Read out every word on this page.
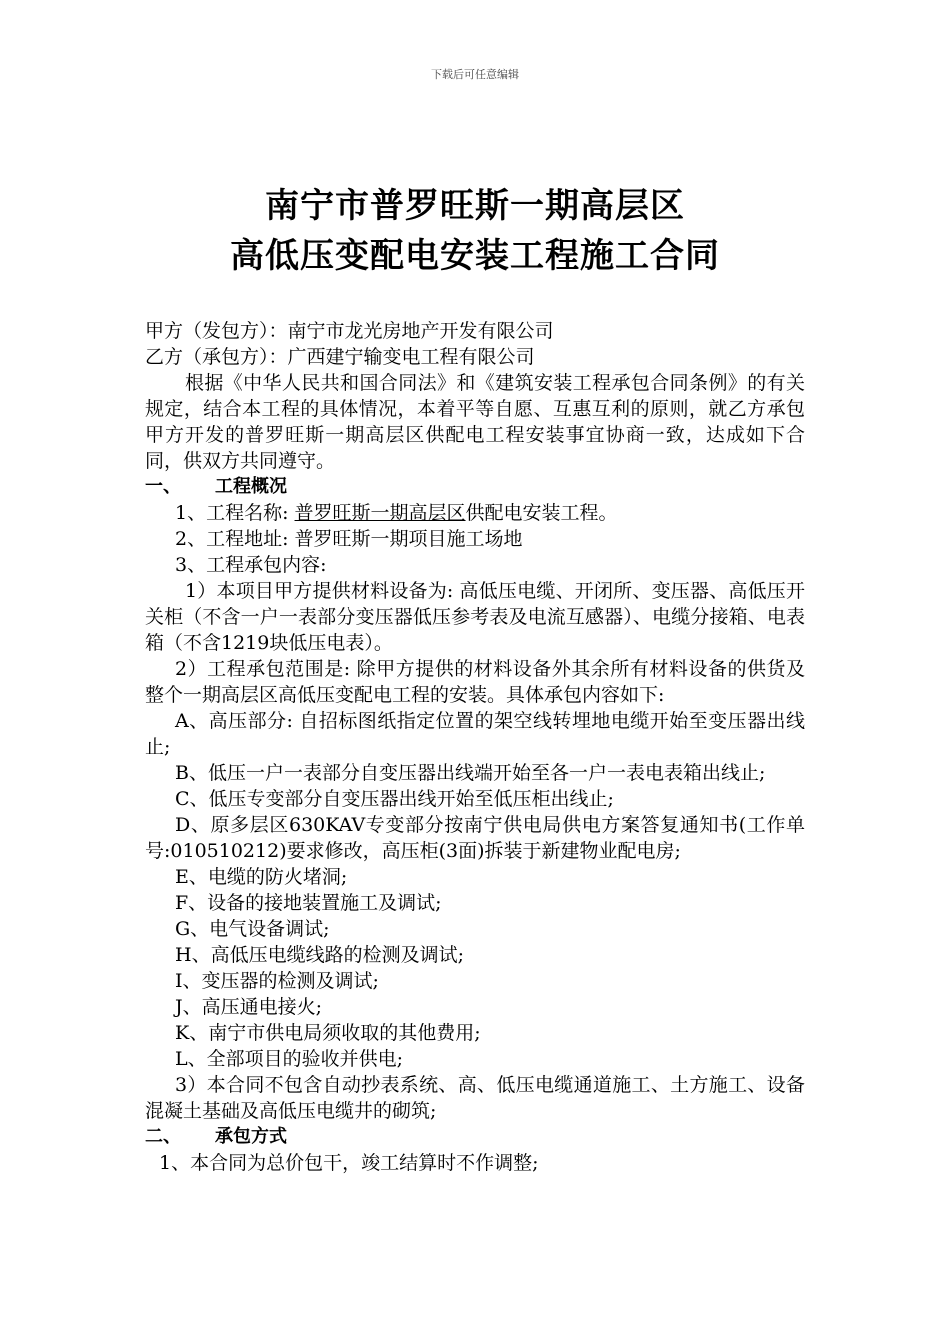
下载后可任意编辑
南宁市普罗旺斯一期高层区
高低压变配电安装工程施工合同
甲方（发包方）：南宁市龙光房地产开发有限公司
乙方（承包方）：广西建宁输变电工程有限公司
根据《中华人民共和国合同法》和《建筑安装工程承包合同条例》的有关规定，结合本工程的具体情况，本着平等自愿、互惠互利的原则，就乙方承包甲方开发的普罗旺斯一期高层区供配电工程安装事宜协商一致，达成如下合同，供双方共同遵守。
一、 工程概况
1、工程名称: 普罗旺斯一期高层区供配电安装工程。
2、工程地址: 普罗旺斯一期项目施工场地
3、工程承包内容:
1）本项目甲方提供材料设备为: 高低压电缆、开闭所、变压器、高低压开关柜（不含一户一表部分变压器低压参考表及电流互感器）、电缆分接箱、电表箱（不含1219块低压电表）。
2）工程承包范围是: 除甲方提供的材料设备外其余所有材料设备的供货及整个一期高层区高低压变配电工程的安装。具体承包内容如下:
A、高压部分: 自招标图纸指定位置的架空线转埋地电缆开始至变压器出线止;
B、低压一户一表部分自变压器出线端开始至各一户一表电表箱出线止;
C、低压专变部分自变压器出线开始至低压柜出线止;
D、原多层区630KAV专变部分按南宁供电局供电方案答复通知书(工作单号:010510212)要求修改，高压柜(3面)拆装于新建物业配电房;
E、电缆的防火堵洞;
F、设备的接地装置施工及调试;
G、电气设备调试;
H、高低压电缆线路的检测及调试;
I、变压器的检测及调试;
J、高压通电接火;
K、南宁市供电局须收取的其他费用;
L、全部项目的验收并供电;
3）本合同不包含自动抄表系统、高、低压电缆通道施工、土方施工、设备混凝土基础及高低压电缆井的砌筑;
二、 承包方式
1、本合同为总价包干，竣工结算时不作调整;
